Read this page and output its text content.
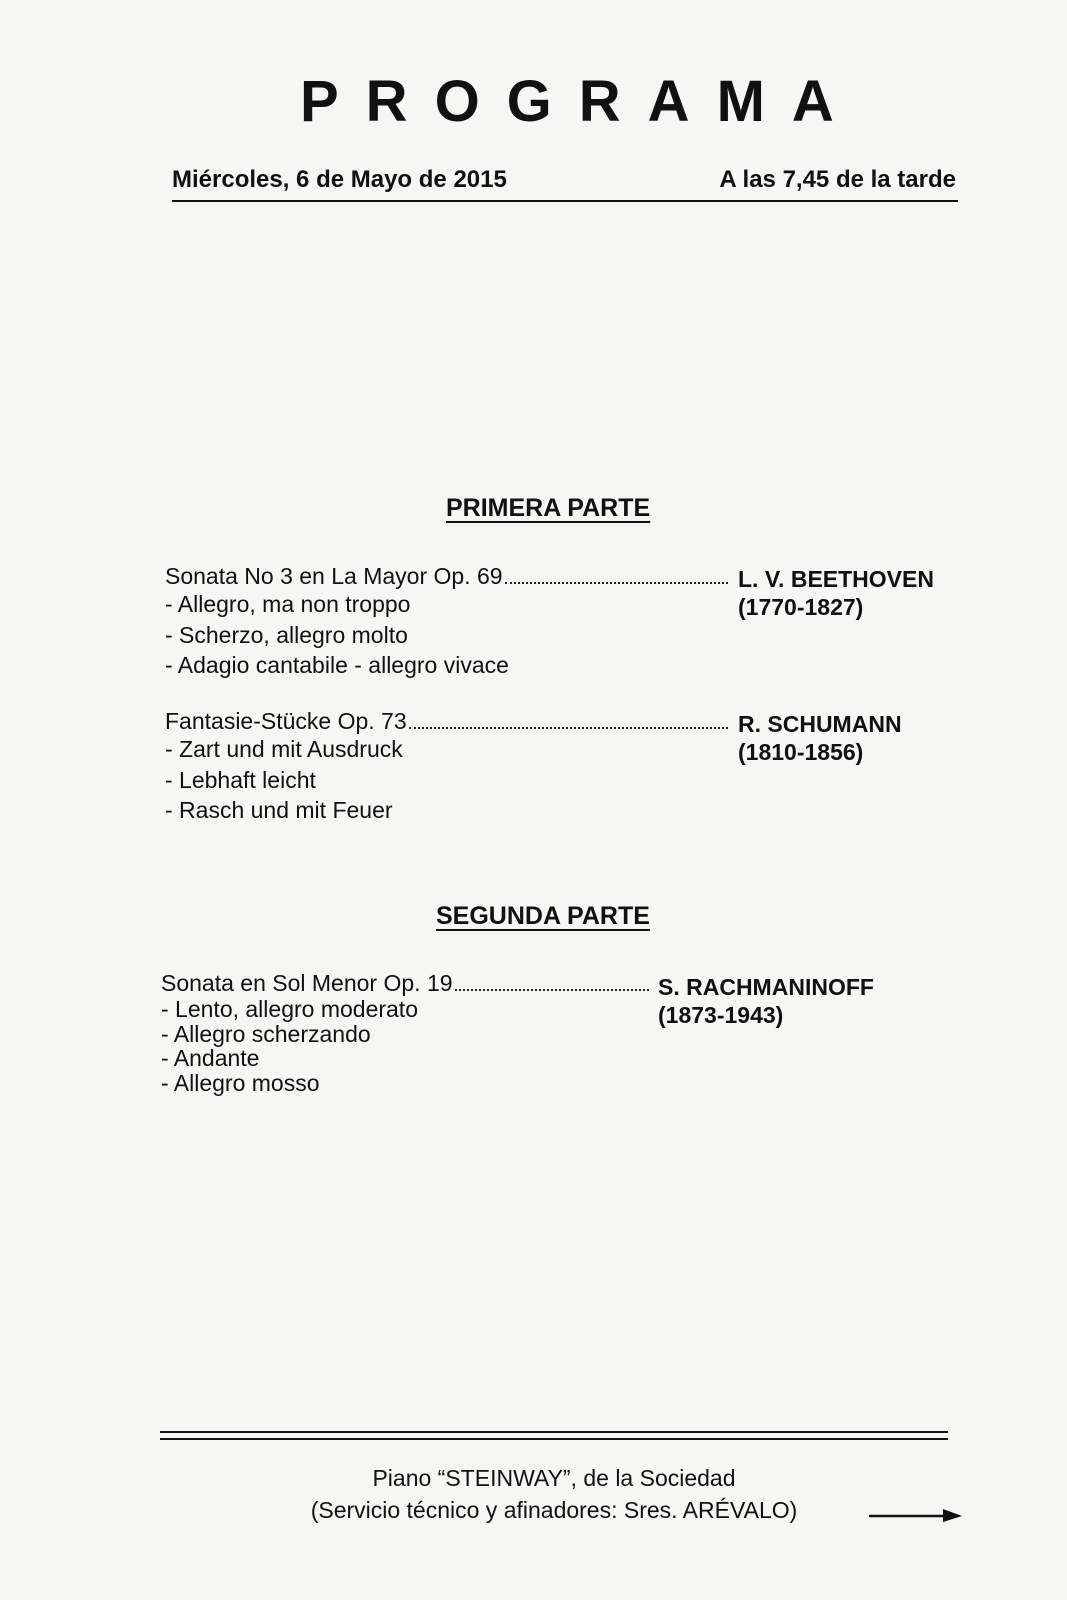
PROGRAMA
Miércoles, 6 de Mayo de 2015	A las 7,45 de la tarde
PRIMERA PARTE
Sonata No 3 en La Mayor Op. 69	L. V. BEETHOVEN
(1770-1827)
- Allegro, ma non troppo
- Scherzo, allegro molto
- Adagio cantabile - allegro vivace
Fantasie-Stücke Op. 73	R. SCHUMANN
(1810-1856)
- Zart und mit Ausdruck
- Lebhaft leicht
- Rasch und mit Feuer
SEGUNDA PARTE
Sonata en Sol Menor Op. 19	S. RACHMANINOFF
(1873-1943)
- Lento, allegro moderato
- Allegro scherzando
- Andante
- Allegro mosso
Piano “STEINWAY”, de la Sociedad
(Servicio técnico y afinadores: Sres. ARÉVALO)
